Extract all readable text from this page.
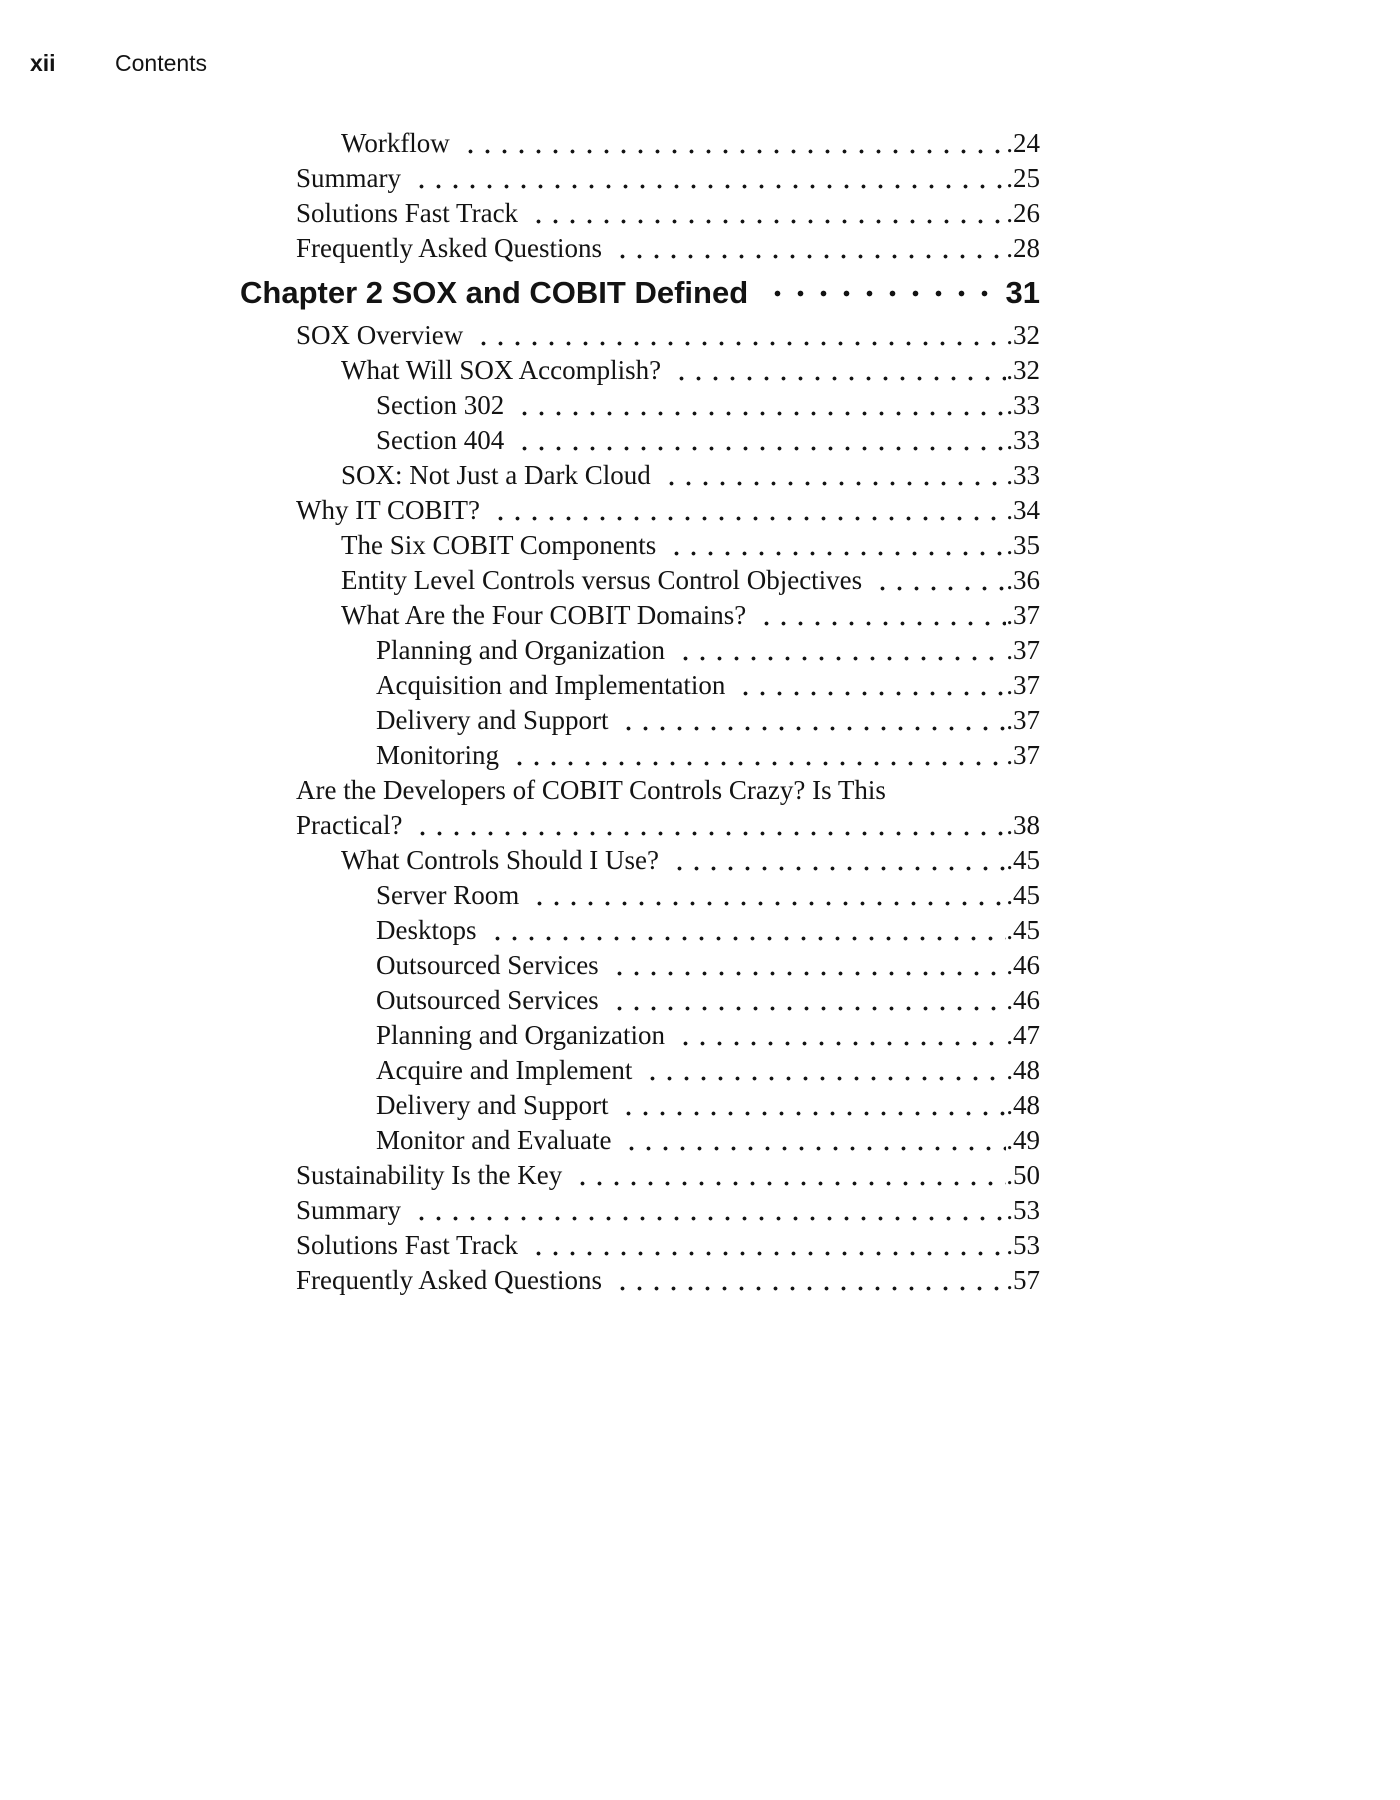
xii	Contents
Workflow	. 24
Summary	. 25
Solutions Fast Track	. 26
Frequently Asked Questions	. 28
Chapter 2 SOX and COBIT Defined	31
SOX Overview	. 32
What Will SOX Accomplish?	. 32
Section 302	. 33
Section 404	. 33
SOX: Not Just a Dark Cloud	. 33
Why IT COBIT?	. 34
The Six COBIT Components	. 35
Entity Level Controls versus Control Objectives	. 36
What Are the Four COBIT Domains?	. 37
Planning and Organization	. 37
Acquisition and Implementation	. 37
Delivery and Support	. 37
Monitoring	. 37
Are the Developers of COBIT Controls Crazy? Is This
Practical?	. 38
What Controls Should I Use?	. 45
Server Room	. 45
Desktops	. 45
Outsourced Services	. 46
Outsourced Services	. 46
Planning and Organization	. 47
Acquire and Implement	. 48
Delivery and Support	. 48
Monitor and Evaluate	. 49
Sustainability Is the Key	. 50
Summary	. 53
Solutions Fast Track	. 53
Frequently Asked Questions	. 57
